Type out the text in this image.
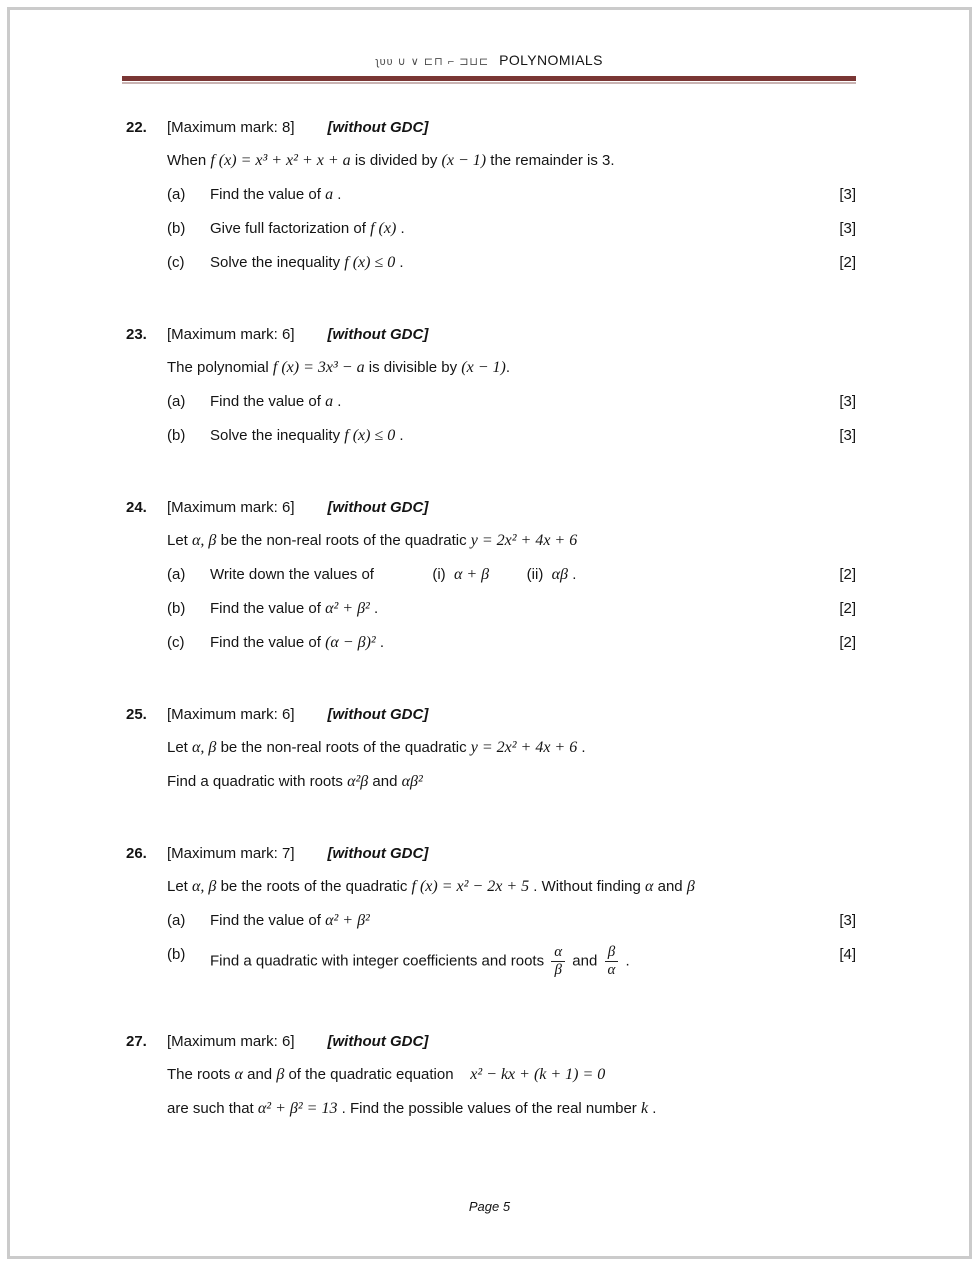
ʅυʋ ∪ ∨ ⊏⊓ ⌐ ⊐⊔⊏ POLYNOMIALS
22. [Maximum mark: 8] [without GDC]
When f (x) = x³ + x² + x + a is divided by (x − 1) the remainder is 3.
(a)	Find the value of a .	[3]
(b)	Give full factorization of f (x) .	[3]
(c)	Solve the inequality f (x) ≤ 0 .	[2]
23. [Maximum mark: 6] [without GDC]
The polynomial f (x) = 3x³ − a is divisible by (x − 1).
(a)	Find the value of a .	[3]
(b)	Solve the inequality f (x) ≤ 0 .	[3]
24. [Maximum mark: 6] [without GDC]
Let α, β be the non-real roots of the quadratic y = 2x² + 4x + 6
(a)	Write down the values of              (i)  α + β         (ii)  αβ .	[2]
(b)	Find the value of α² + β² .	[2]
(c)	Find the value of (α − β)² .	[2]
25. [Maximum mark: 6] [without GDC]
Let α, β be the non-real roots of the quadratic y = 2x² + 4x + 6 .
Find a quadratic with roots α²β and αβ²
26. [Maximum mark: 7] [without GDC]
Let α, β be the roots of the quadratic f (x) = x² − 2x + 5 . Without finding α and β
(a)	Find the value of α² + β²	[3]
(b)	Find a quadratic with integer coefficients and roots $\frac{\alpha}{\beta}$ and $\frac{\beta}{\alpha}$ .	[4]
27. [Maximum mark: 6] [without GDC]
The roots α and β of the quadratic equation    x² − kx + (k + 1) = 0
are such that α² + β² = 13 . Find the possible values of the real number k .
Page 5
